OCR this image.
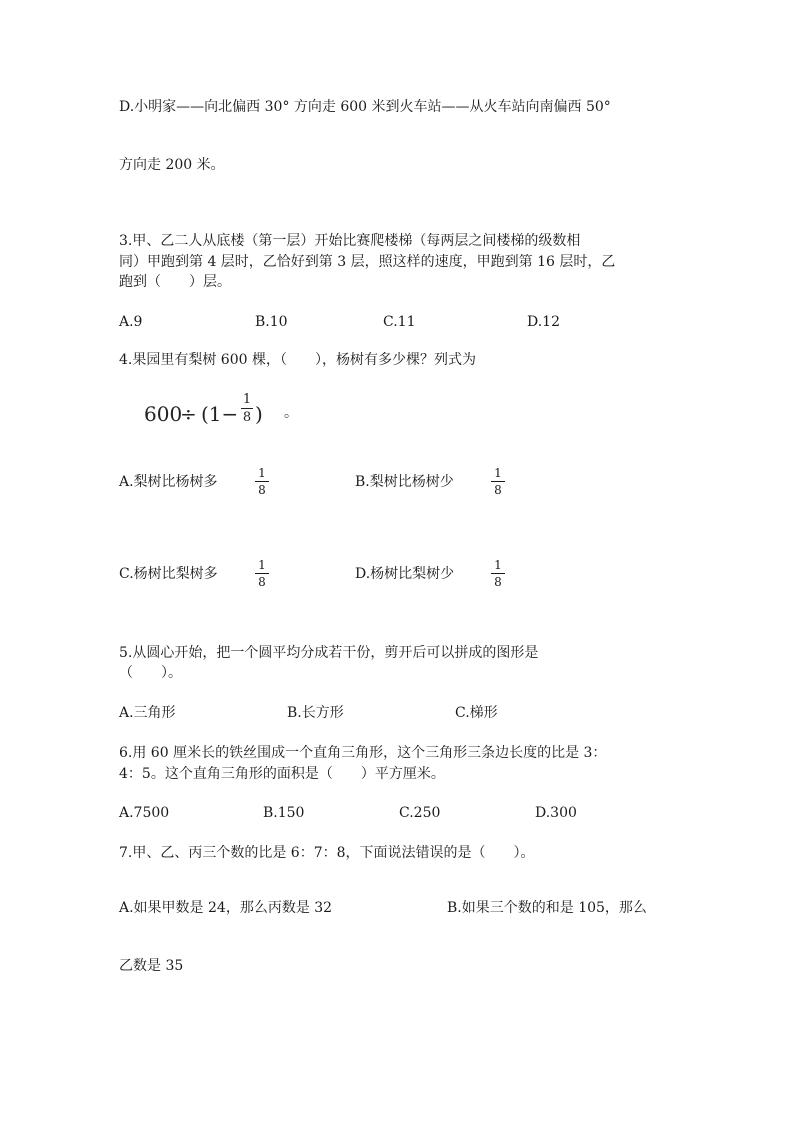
D.小明家——向北偏西 30° 方向走 600 米到火车站——从火车站向南偏西 50°
方向走 200 米。
3.甲、乙二人从底楼（第一层）开始比赛爬楼梯（每两层之间楼梯的级数相
同）甲跑到第 4 层时，乙恰好到第 3 层，照这样的速度，甲跑到第 16 层时，乙
跑到（　　）层。
A.9	B.10	C.11	D.12
4.果园里有梨树 600 棵，（　　），杨树有多少棵？列式为
600
÷ (1−
1
8 ) 。
A.梨树比杨树多
1
8	B.梨树比杨树少
1
8
C.杨树比梨树多
1
8	D.杨树比梨树少
1
8
5.从圆心开始，把一个圆平均分成若干份，剪开后可以拼成的图形是
（　　）。
A.三角形	B.长方形	C.梯形
6.用 60 厘米长的铁丝围成一个直角三角形，这个三角形三条边长度的比是 3：
4：5。这个直角三角形的面积是（　　）平方厘米。
A.7500	B.150	C.250	D.300
7.甲、乙、丙三个数的比是 6：7：8，下面说法错误的是（　　）。
A.如果甲数是 24，那么丙数是 32	B.如果三个数的和是 105，那么
乙数是 35
